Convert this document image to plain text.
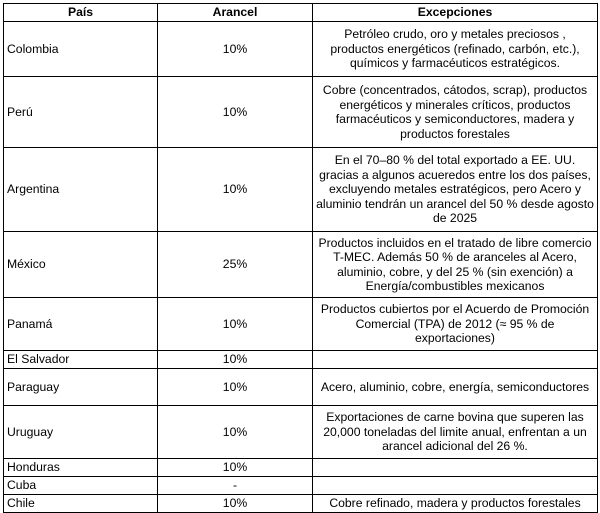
País	Arancel	Excepciones
Colombia	10%	Petróleo crudo, oro y metales preciosos , productos energéticos (refinado, carbón, etc.), químicos y farmacéuticos estratégicos.
Perú	10%	Cobre (concentrados, cátodos, scrap), productos energéticos y minerales críticos, productos farmacéuticos y semiconductores, madera y productos forestales
Argentina	10%	En el 70–80 % del total exportado a EE. UU. gracias a algunos acueredos entre los dos países, excluyendo metales estratégicos, pero Acero y aluminio tendrán un arancel del 50 % desde agosto de 2025
México	25%	Productos incluidos en el tratado de libre comercio T-MEC. Además 50 % de aranceles al Acero, aluminio, cobre, y del 25 % (sin exención) a Energía/combustibles mexicanos
Panamá	10%	Productos cubiertos por el Acuerdo de Promoción Comercial (TPA) de 2012 (≈ 95 % de exportaciones)
El Salvador	10%	
Paraguay	10%	Acero, aluminio, cobre, energía, semiconductores
Uruguay	10%	Exportaciones de carne bovina que superen las 20,000 toneladas del limite anual, enfrentan a un arancel adicional del 26 %.
Honduras	10%	
Cuba	-	
Chile	10%	Cobre refinado, madera y productos forestales
